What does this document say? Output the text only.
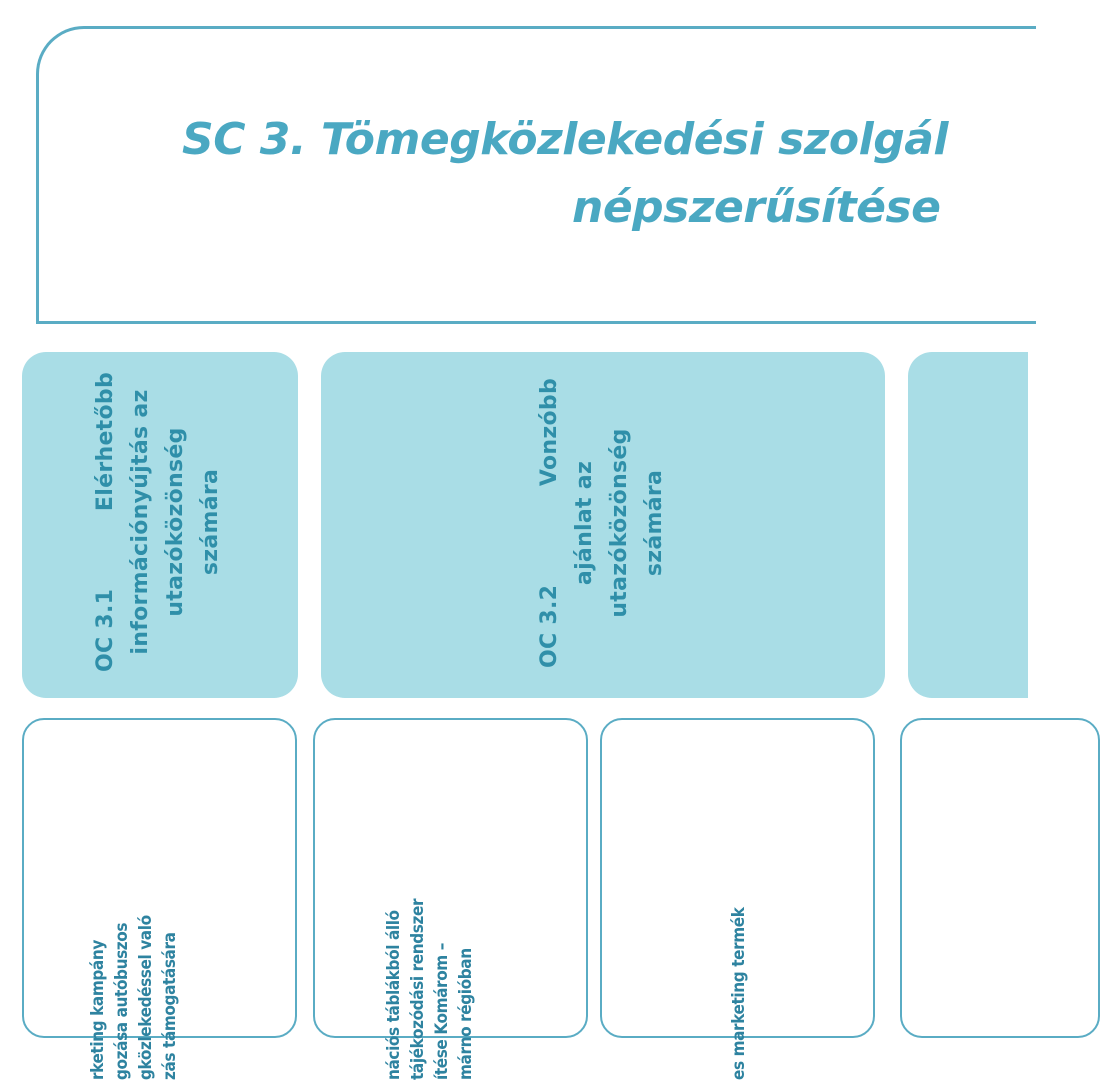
SC 3. Tömegközlekedési szolgál
népszerűsítése
OC 3.1
Elérhetőbb információnyújtás az utazóközönség számára
OC 3.2
Vonzóbb
ajánlat az utazóközönség számára
rketing kampány gozása autóbuszos gközlekedéssel való zás támogatására	nációs táblákból álló tájékozódási rendszer ítése Komárom – márno régióban	es marketing termék
